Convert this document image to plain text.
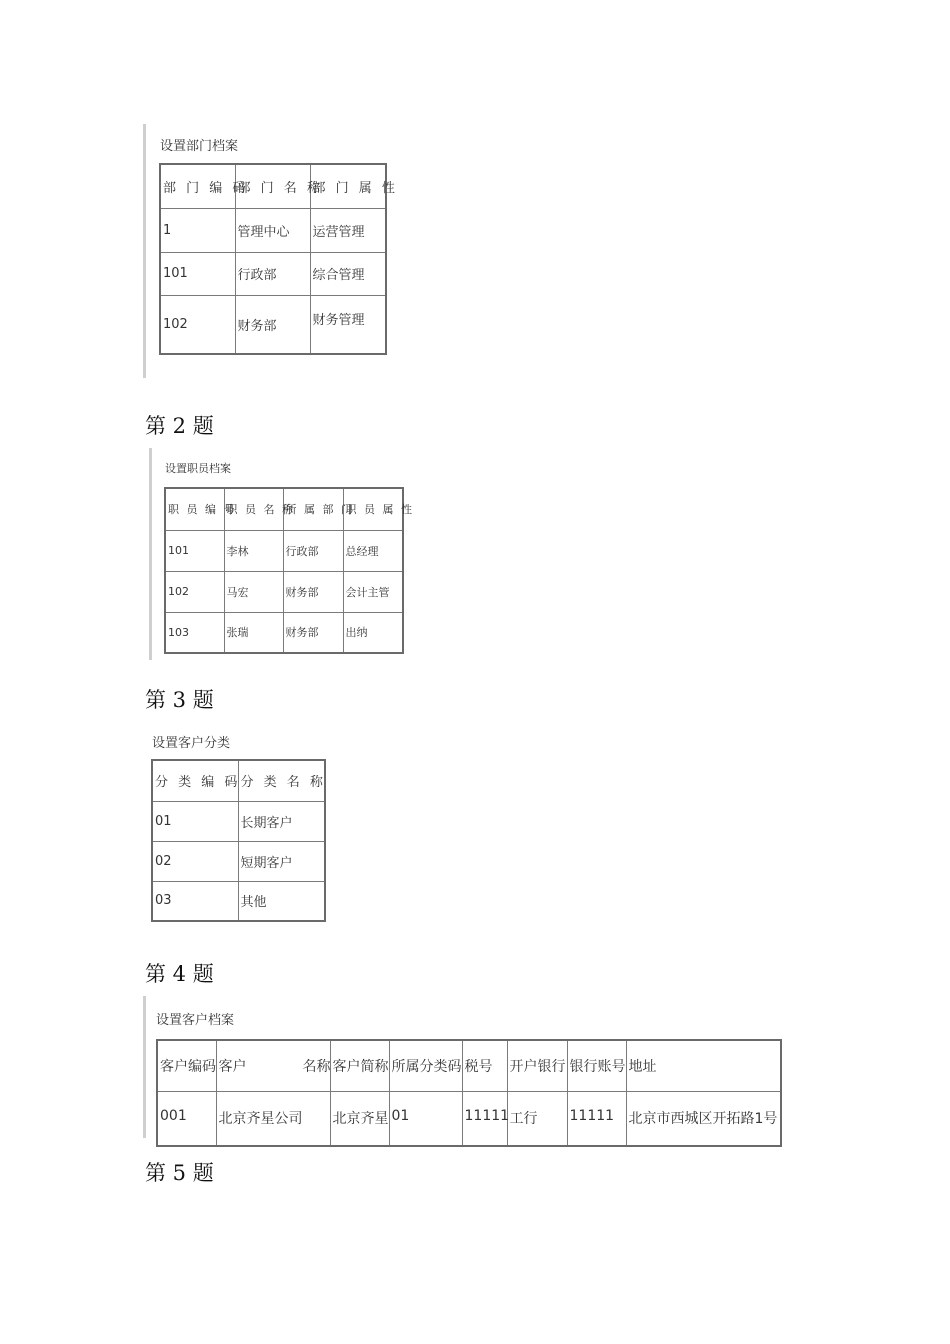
设置部门档案
部 门 编 码	部 门 名 称	部 门 属 性
1	管理中心	运营管理
101	行政部	综合管理
102	财务部	财务管理
第 2 题
设置职员档案
职 员 编 号	职 员 名 称	所 属 部 门	职 员 属 性
101	李林	行政部	总经理
102	马宏	财务部	会计主管
103	张瑞	财务部	出纳
第 3 题
设置客户分类
分 类 编 码	分 类 名 称
01	长期客户
02	短期客户
03	其他
第 4 题
设置客户档案
客户编码	客户　　　　名称	客户简称	所属分类码	税号	开户银行	银行账号	地址
001	北京齐星公司	北京齐星	01	11111	工行	11111	北京市西城区开拓路1号
第 5 题
